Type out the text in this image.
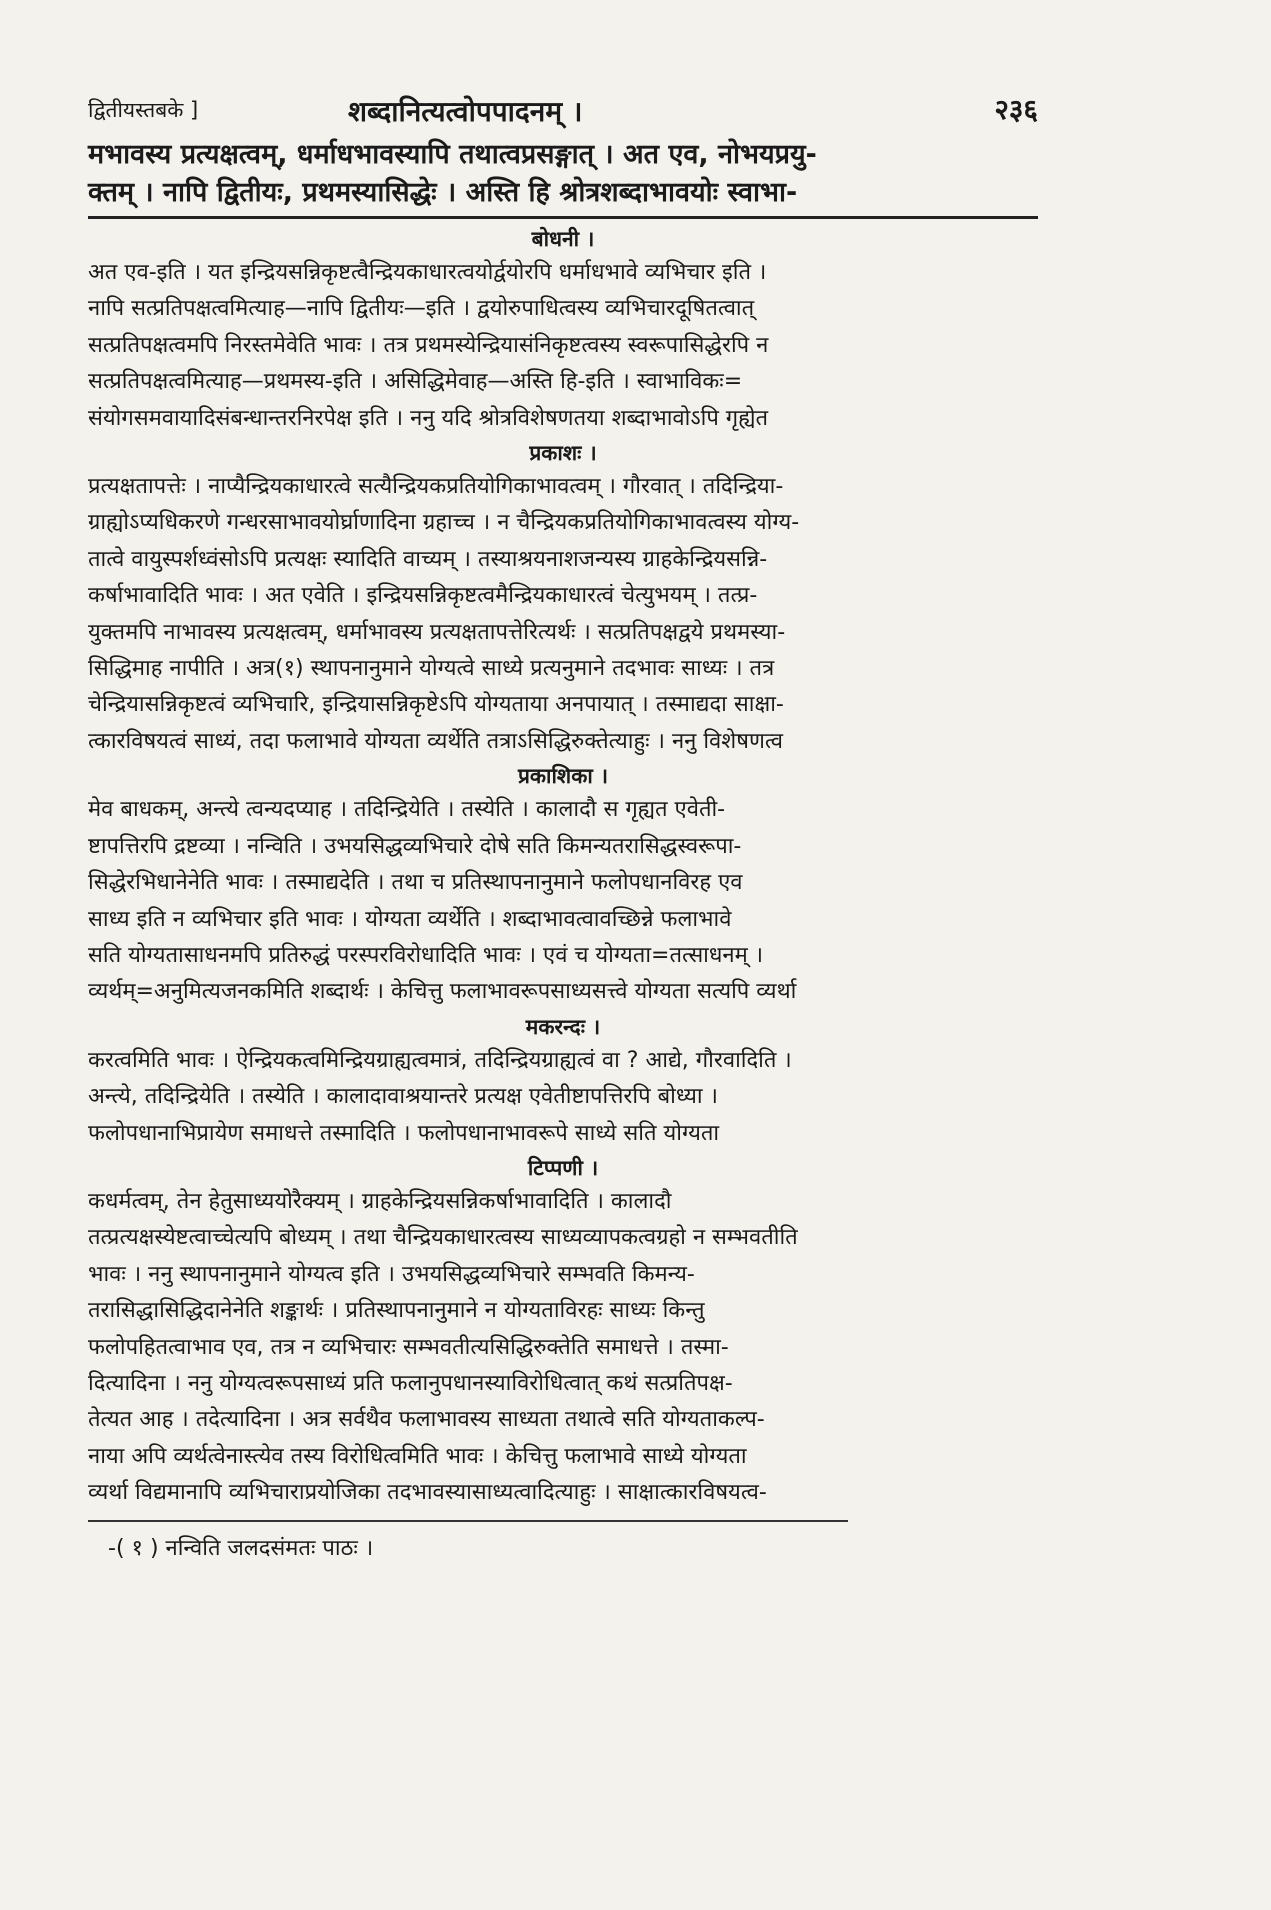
द्वितीयस्तबके ]	शब्दानित्यत्वोपपादनम् ।	२३६

मभावस्य प्रत्यक्षत्वम्, धर्माधभावस्यापि तथात्वप्रसङ्गात् । अत एव, नोभयप्रयु-

क्तम् । नापि द्वितीयः, प्रथमस्यासिद्धेः । अस्ति हि श्रोत्रशब्दाभावयोः स्वाभा-

बोधनी ।

अत एव-इति । यत इन्द्रियसन्निकृष्टत्वैन्द्रियकाधारत्वयोर्द्वयोरपि धर्माधभावे व्यभिचार इति ।

नापि सत्प्रतिपक्षत्वमित्याह—नापि द्वितीयः—इति । द्वयोरुपाधित्वस्य व्यभिचारदूषितत्वात्

सत्प्रतिपक्षत्वमपि निरस्तमेवेति भावः । तत्र प्रथमस्येन्द्रियासंनिकृष्टत्वस्य स्वरूपासिद्धेरपि न

सत्प्रतिपक्षत्वमित्याह—प्रथमस्य-इति । असिद्धिमेवाह—अस्ति हि-इति । स्वाभाविकः=

संयोगसमवायादिसंबन्धान्तरनिरपेक्ष इति । ननु यदि श्रोत्रविशेषणतया शब्दाभावोऽपि गृह्येत

प्रकाशः ।

प्रत्यक्षतापत्तेः । नाप्यैन्द्रियकाधारत्वे सत्यैन्द्रियकप्रतियोगिकाभावत्वम् । गौरवात् । तदिन्द्रिया-

ग्राह्योऽप्यधिकरणे गन्धरसाभावयोर्घ्राणादिना ग्रहाच्च । न चैन्द्रियकप्रतियोगिकाभावत्वस्य योग्य-

तात्वे वायुस्पर्शध्वंसोऽपि प्रत्यक्षः स्यादिति वाच्यम् । तस्याश्रयनाशजन्यस्य ग्राहकेन्द्रियसन्नि-

कर्षाभावादिति भावः । अत एवेति । इन्द्रियसन्निकृष्टत्वमैन्द्रियकाधारत्वं चेत्युभयम् । तत्प्र-

युक्तमपि नाभावस्य प्रत्यक्षत्वम्, धर्माभावस्य प्रत्यक्षतापत्तेरित्यर्थः । सत्प्रतिपक्षद्वये प्रथमस्या-

सिद्धिमाह नापीति । अत्र(१) स्थापनानुमाने योग्यत्वे साध्ये प्रत्यनुमाने तदभावः साध्यः । तत्र

चेन्द्रियासन्निकृष्टत्वं व्यभिचारि, इन्द्रियासन्निकृष्टेऽपि योग्यताया अनपायात् । तस्माद्यदा साक्षा-

त्कारविषयत्वं साध्यं, तदा फलाभावे योग्यता व्यर्थेति तत्राऽसिद्धिरुक्तेत्याहुः । ननु विशेषणत्व

प्रकाशिका ।

मेव बाधकम्, अन्त्ये त्वन्यदप्याह । तदिन्द्रियेति । तस्येति । कालादौ स गृह्यत एवेती-

ष्टापत्तिरपि द्रष्टव्या । नन्विति । उभयसिद्धव्यभिचारे दोषे सति किमन्यतरासिद्धस्वरूपा-

सिद्धेरभिधानेनेति भावः । तस्माद्यदेति । तथा च प्रतिस्थापनानुमाने फलोपधानविरह एव

साध्य इति न व्यभिचार इति भावः । योग्यता व्यर्थेति । शब्दाभावत्वावच्छिन्ने फलाभावे

सति योग्यतासाधनमपि प्रतिरुद्धं परस्परविरोधादिति भावः । एवं च योग्यता=तत्साधनम् ।

व्यर्थम्=अनुमित्यजनकमिति शब्दार्थः । केचित्तु फलाभावरूपसाध्यसत्त्वे योग्यता सत्यपि व्यर्था

मकरन्दः ।

करत्वमिति भावः । ऐन्द्रियकत्वमिन्द्रियग्राह्यत्वमात्रं, तदिन्द्रियग्राह्यत्वं वा ? आद्ये, गौरवादिति ।

अन्त्ये, तदिन्द्रियेति । तस्येति । कालादावाश्रयान्तरे प्रत्यक्ष एवेतीष्टापत्तिरपि बोध्या ।

फलोपधानाभिप्रायेण समाधत्ते तस्मादिति । फलोपधानाभावरूपे साध्ये सति योग्यता

टिप्पणी ।

कधर्मत्वम्, तेन हेतुसाध्ययोरैक्यम् । ग्राहकेन्द्रियसन्निकर्षाभावादिति । कालादौ

तत्प्रत्यक्षस्येष्टत्वाच्चेत्यपि बोध्यम् । तथा चैन्द्रियकाधारत्वस्य साध्यव्यापकत्वग्रहो न सम्भवतीति

भावः । ननु स्थापनानुमाने योग्यत्व इति । उभयसिद्धव्यभिचारे सम्भवति किमन्य-

तरासिद्धासिद्धिदानेनेति शङ्कार्थः । प्रतिस्थापनानुमाने न योग्यताविरहः साध्यः किन्तु

फलोपहितत्वाभाव एव, तत्र न व्यभिचारः सम्भवतीत्यसिद्धिरुक्तेति समाधत्ते । तस्मा-

दित्यादिना । ननु योग्यत्वरूपसाध्यं प्रति फलानुपधानस्याविरोधित्वात् कथं सत्प्रतिपक्ष-

तेत्यत आह । तदेत्यादिना । अत्र सर्वथैव फलाभावस्य साध्यता तथात्वे सति योग्यताकल्प-

नाया अपि व्यर्थत्वेनास्त्येव तस्य विरोधित्वमिति भावः । केचित्तु फलाभावे साध्ये योग्यता

व्यर्था विद्यमानापि व्यभिचाराप्रयोजिका तदभावस्यासाध्यत्वादित्याहुः । साक्षात्कारविषयत्व-

-( १ ) नन्विति जलदसंमतः पाठः ।
